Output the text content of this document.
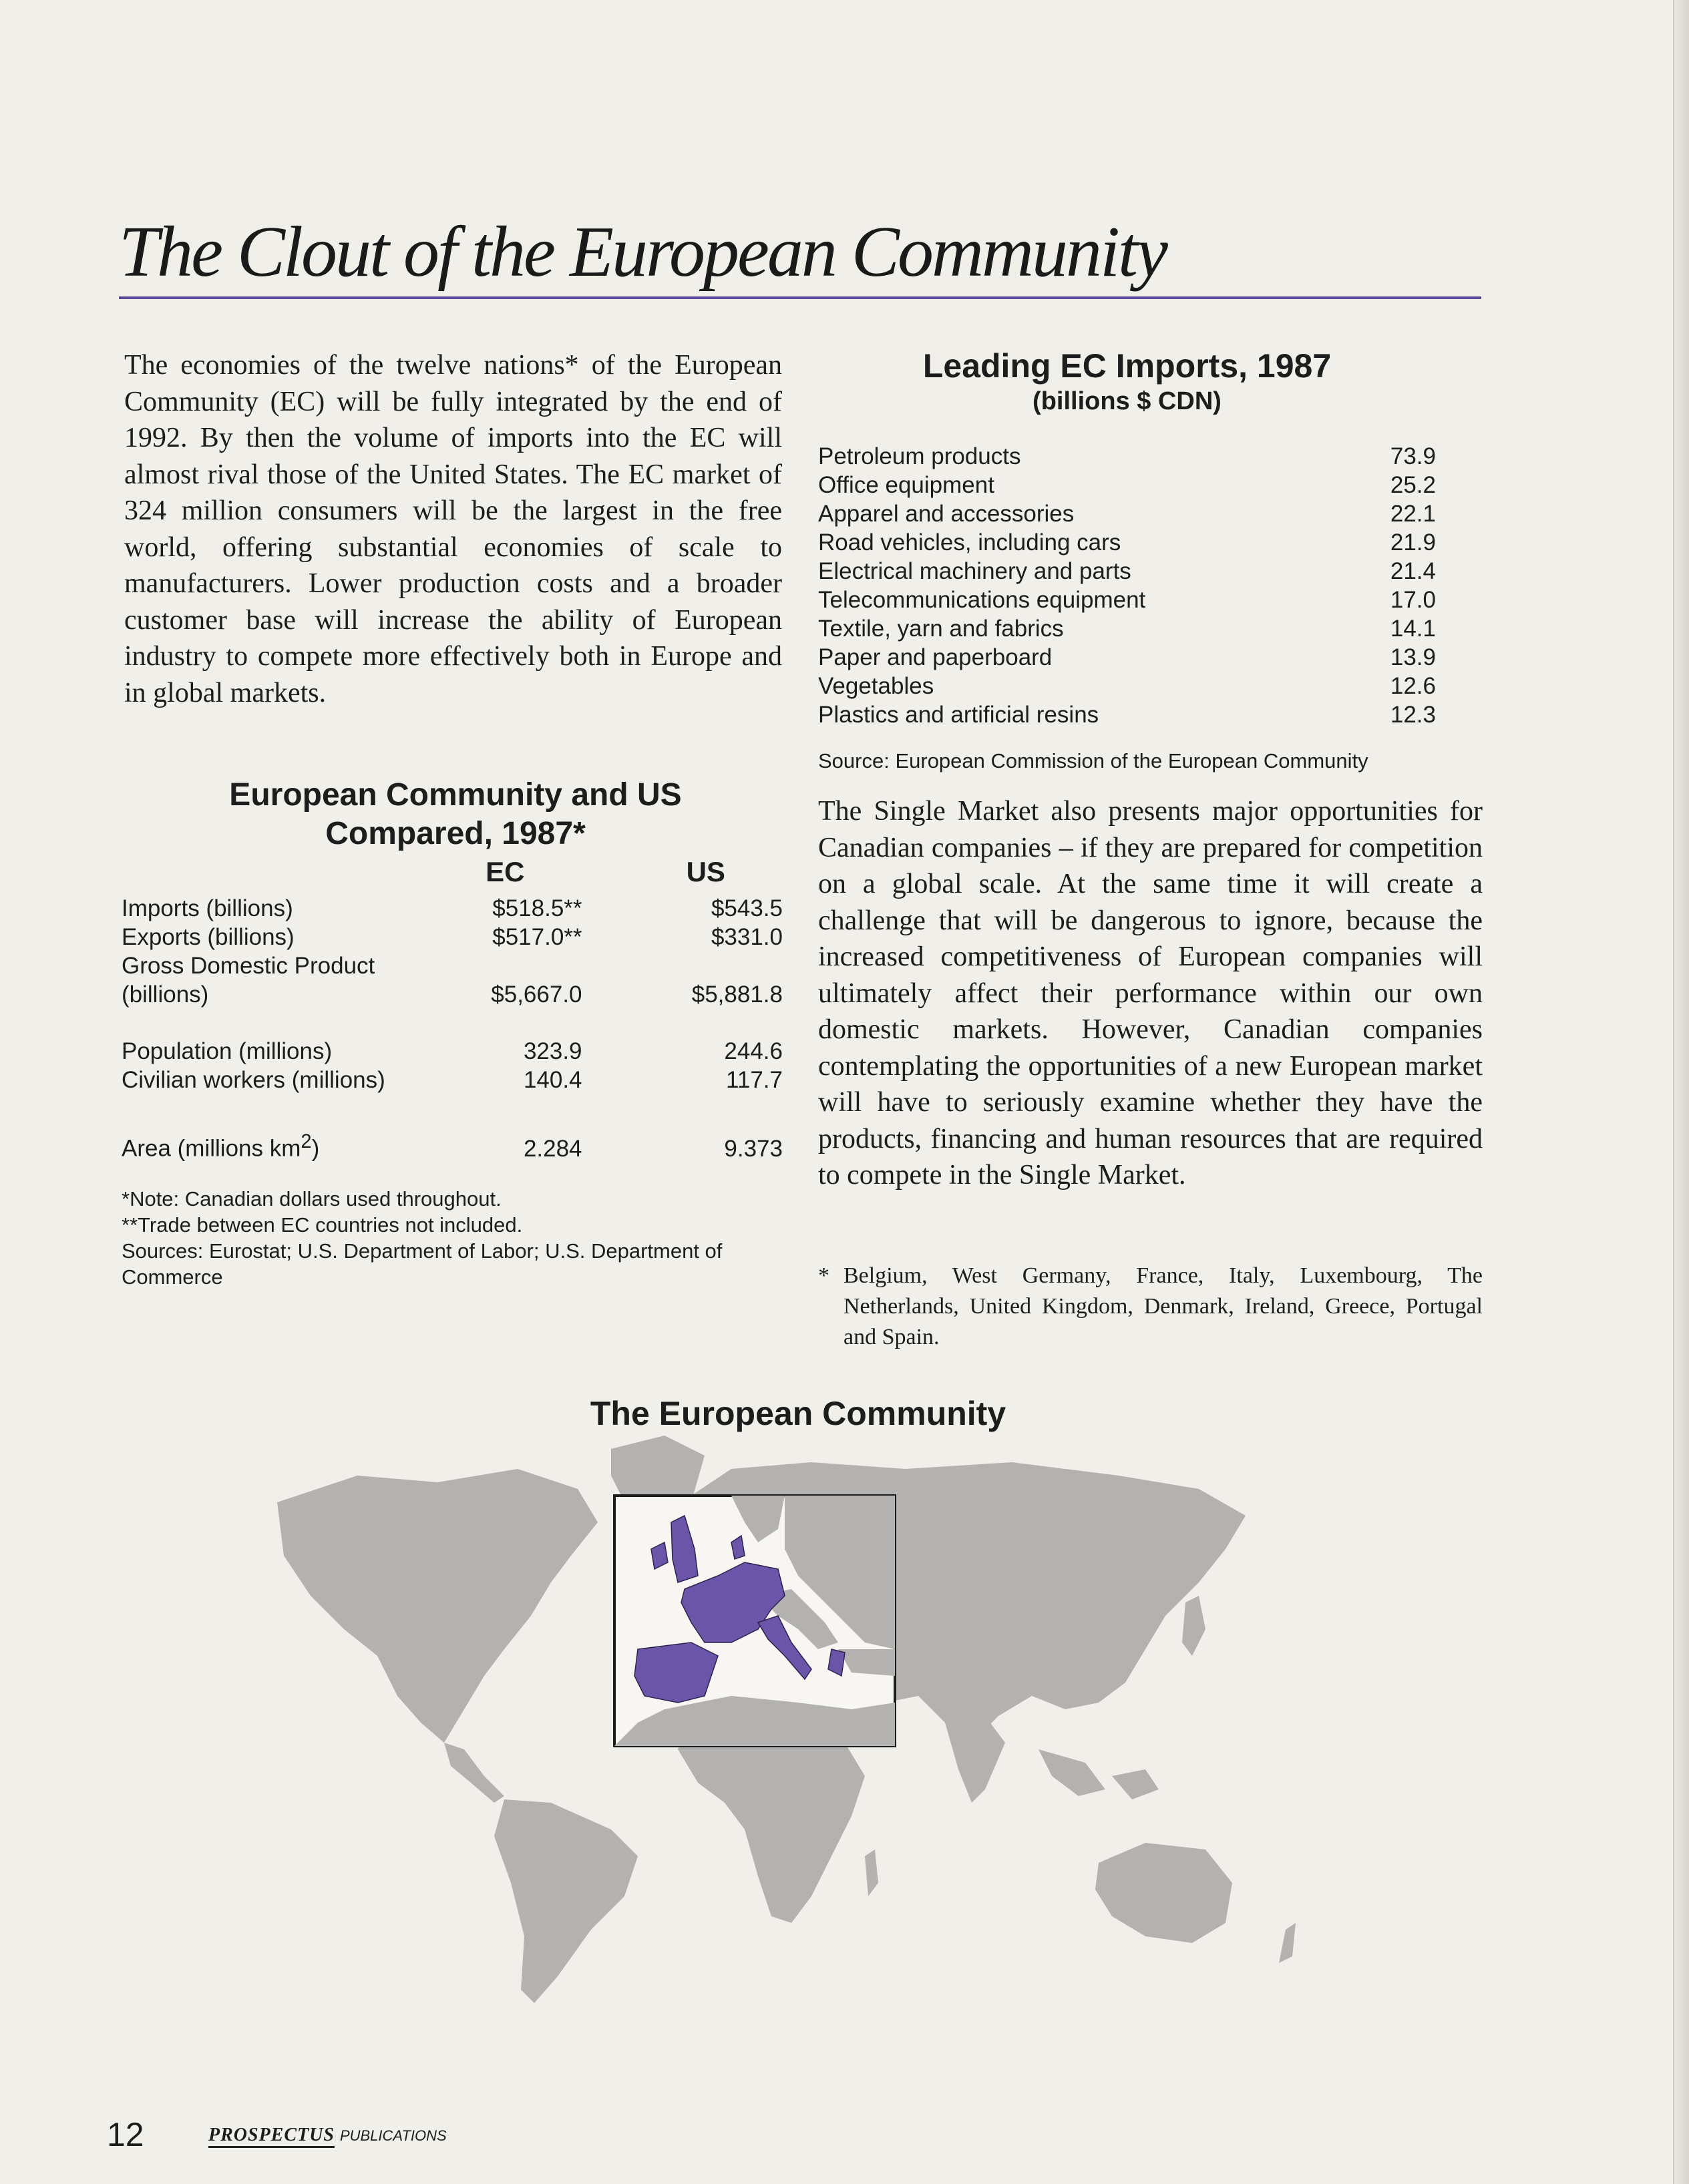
The Clout of the European Community

The economies of the twelve nations* of the European Community (EC) will be fully integrated by the end of 1992. By then the volume of imports into the EC will almost rival those of the United States. The EC market of 324 million consumers will be the largest in the free world, offering substantial economies of scale to manufacturers. Lower production costs and a broader customer base will increase the ability of European industry to compete more effectively both in Europe and in global markets.

European Community and US
Compared, 1987*
	EC	US
Imports (billions)	$518.5**	$543.5
Exports (billions)	$517.0**	$331.0
Gross Domestic Product		
(billions)	$5,667.0	$5,881.8

Population (millions)	323.9	244.6
Civilian workers (millions)	140.4	117.7

Area (millions $km^2$)	2.284	9.373
*Note: Canadian dollars used throughout.
**Trade between EC countries not included.
Sources: Eurostat; U.S. Department of Labor; U.S. Department of Commerce
Leading EC Imports, 1987
(billions $ CDN)
Petroleum products	73.9
Office equipment	25.2
Apparel and accessories	22.1
Road vehicles, including cars	21.9
Electrical machinery and parts	21.4
Telecommunications equipment	17.0
Textile, yarn and fabrics	14.1
Paper and paperboard	13.9
Vegetables	12.6
Plastics and artificial resins	12.3
Source: European Commission of the European Community

The Single Market also presents major opportunities for Canadian companies – if they are prepared for competition on a global scale. At the same time it will create a challenge that will be dangerous to ignore, because the increased competitiveness of European companies will ultimately affect their performance within our own domestic markets. However, Canadian companies contemplating the opportunities of a new European market will have to seriously examine whether they have the products, financing and human resources that are required to compete in the Single Market.

* Belgium, West Germany, France, Italy, Luxembourg, The Netherlands, United Kingdom, Denmark, Ireland, Greece, Portugal and Spain.
The European Community
12	PROSPECTUS PUBLICATIONS
